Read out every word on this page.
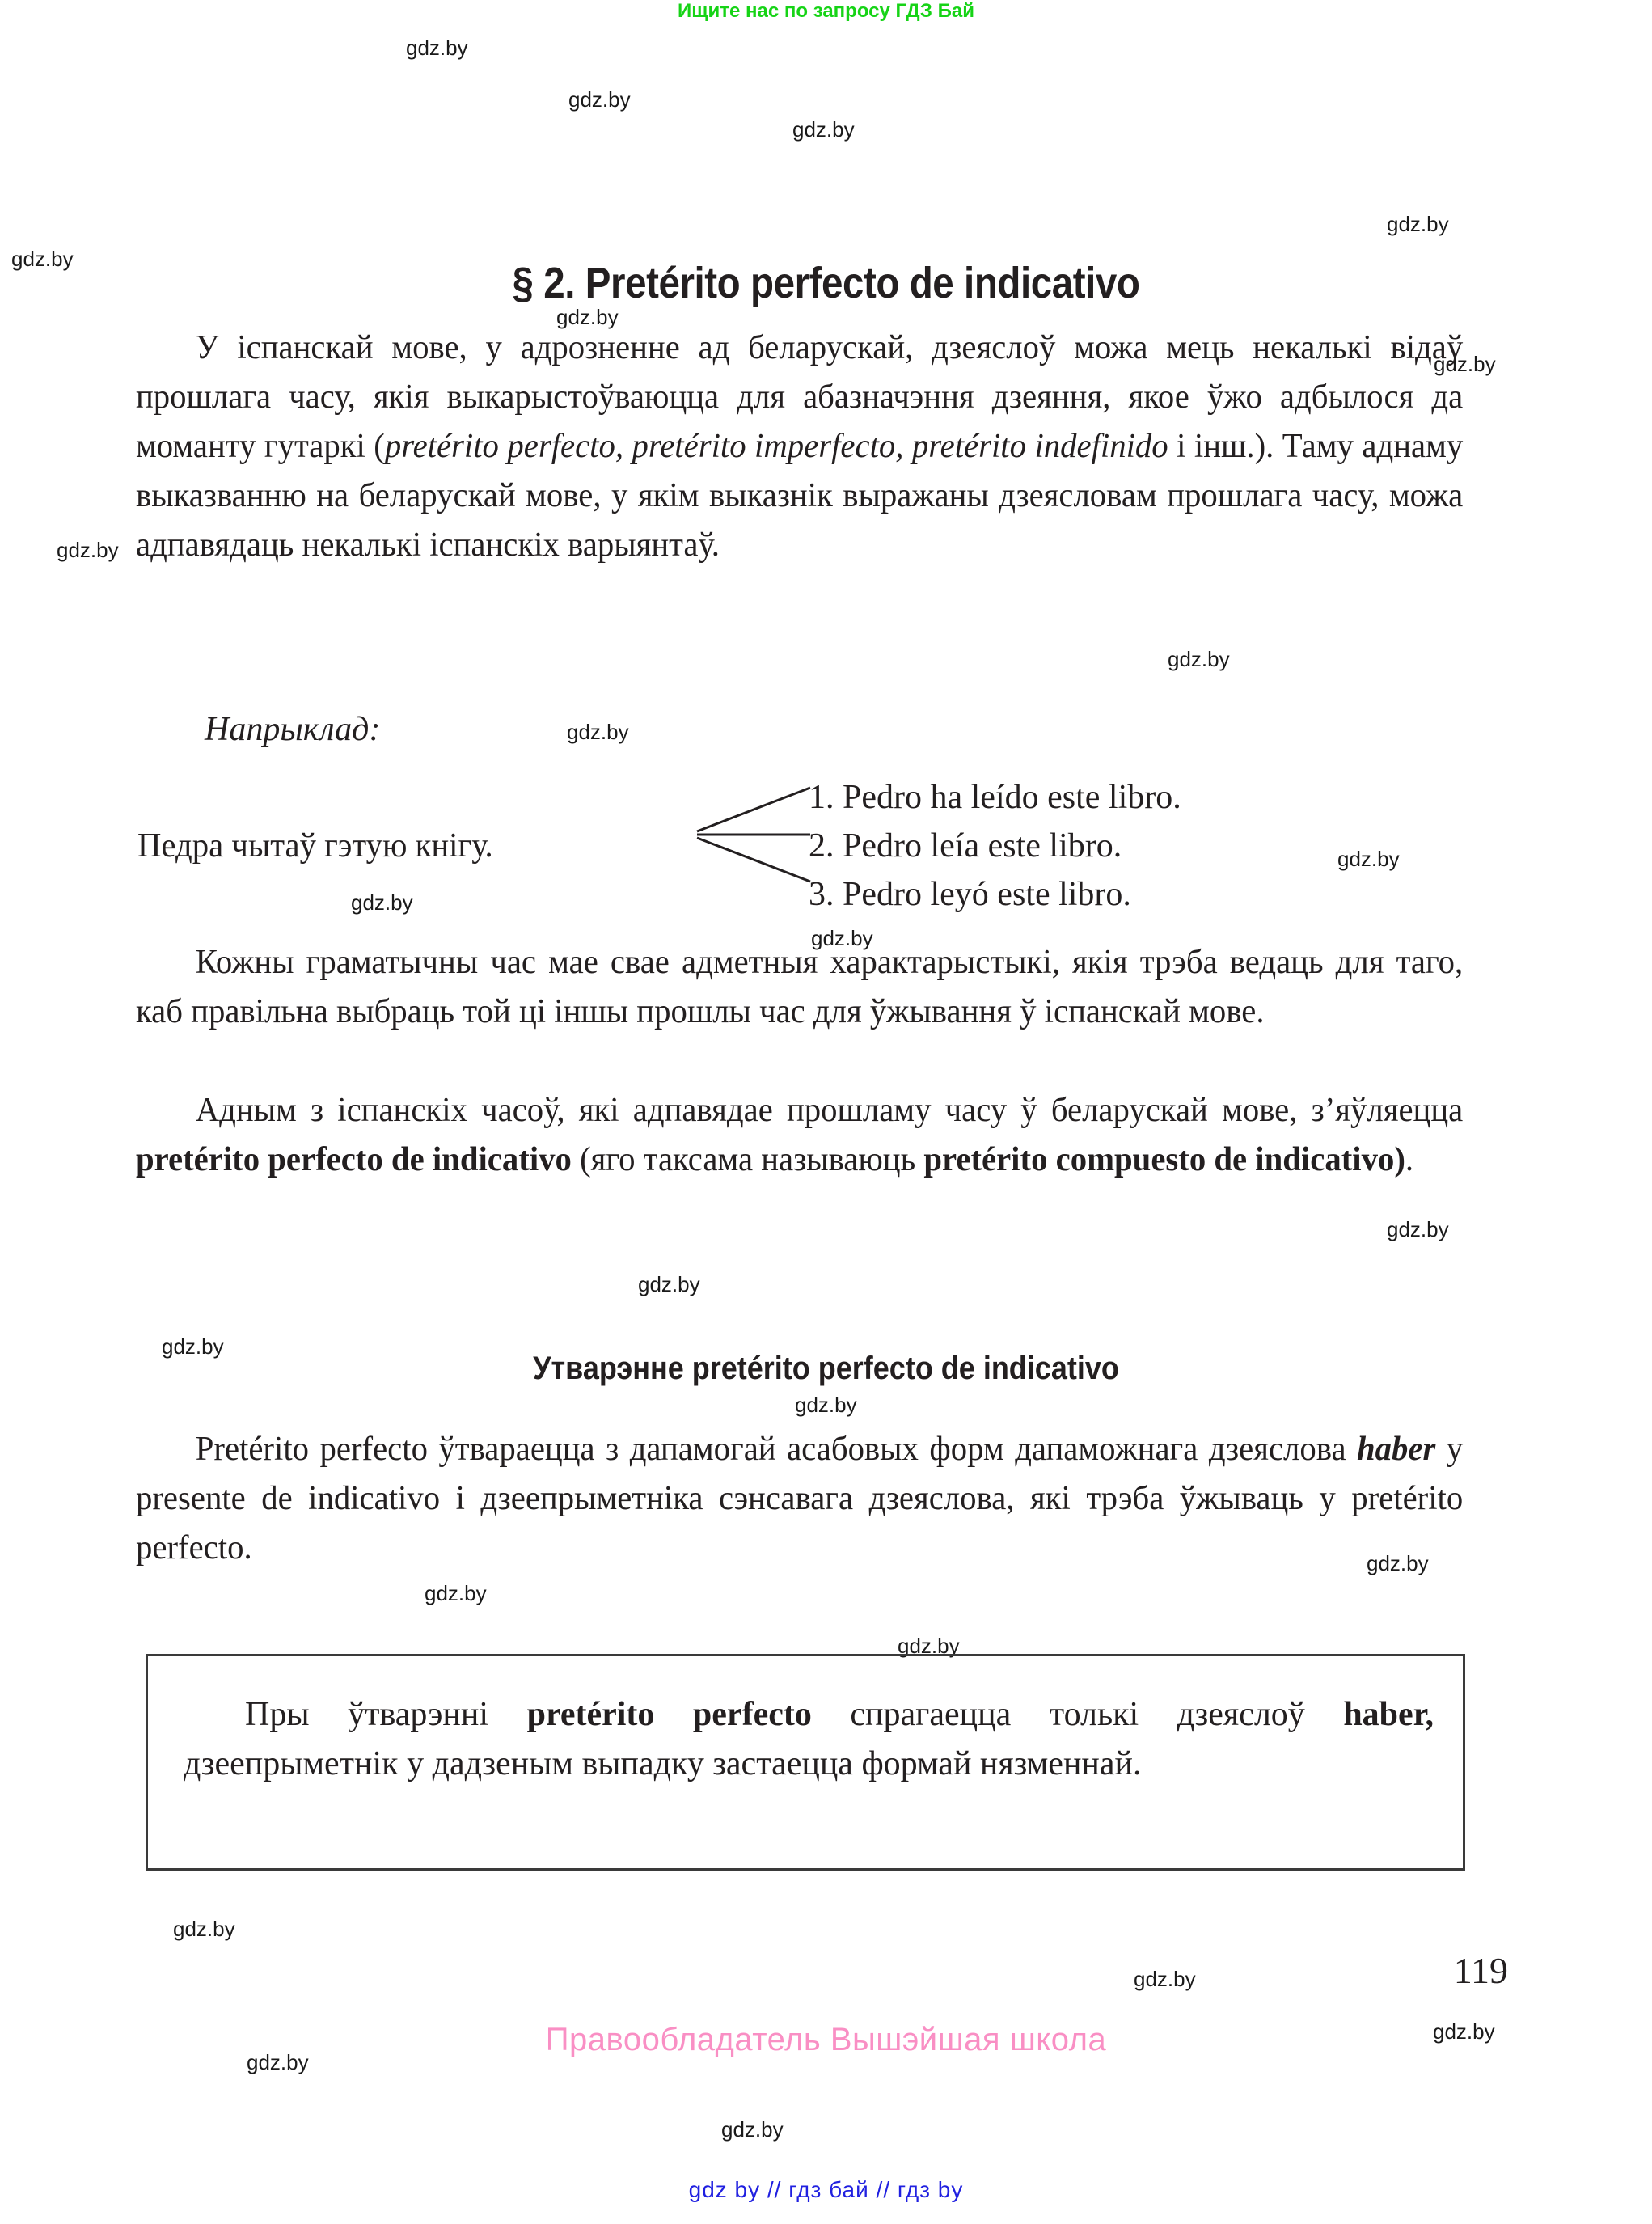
Ищите нас по запросу ГДЗ Бай
gdz.by
gdz.by
gdz.by
gdz.by
gdz.by
gdz.by
gdz.by
gdz.by
gdz.by
gdz.by
gdz.by
gdz.by
gdz.by
gdz.by
gdz.by
gdz.by
gdz.by
gdz.by
gdz.by
gdz.by
gdz.by
gdz.by
gdz.by
gdz.by
gdz.by
§ 2. Pretérito perfecto de indicativo

У іспанскай мове, у адрозненне ад беларускай, дзеяслоў можа мець некалькі відаў прошлага часу, якія выкарыстоўваюцца для абазначэння дзеяння, якое ўжо адбылося да моманту гутаркі (pretérito perfecto, pretérito imperfecto, pretérito indefinido і інш.). Таму аднаму выказванню на беларускай мове, у якім выказнік выражаны дзеясловам прошлага часу, можа адпавядаць некалькі іспанскіх варыянтаў.

Напрыклад:
Педра чытаў гэтую кнігу.
1. Pedro ha leído este libro.
2. Pedro leía este libro.
3. Pedro leyó este libro.

Кожны граматычны час мае свае адметныя характарыстыкі, якія трэба ведаць для таго, каб правільна выбраць той ці іншы прошлы час для ўжывання ў іспанскай мове.

Адным з іспанскіх часоў, які адпавядае прошламу часу ў беларускай мове, з’яўляецца pretérito perfecto de indicativo (яго таксама называюць pretérito compuesto de indicativo).

Утварэнне pretérito perfecto de indicativo

Pretérito perfecto ўтвараецца з дапамогай асабовых форм дапаможнага дзеяслова haber у presente de indicativo і дзеепрыметніка сэнсавага дзеяслова, які трэба ўжываць у pretérito perfecto.

Пры ўтварэнні pretérito perfecto спрагаецца толькі дзеяслоў haber, дзеепрыметнік у дадзеным выпадку застаецца формай нязменнай.

119
Правообладатель Вышэйшая школа
gdz by // гдз бай // гдз by
